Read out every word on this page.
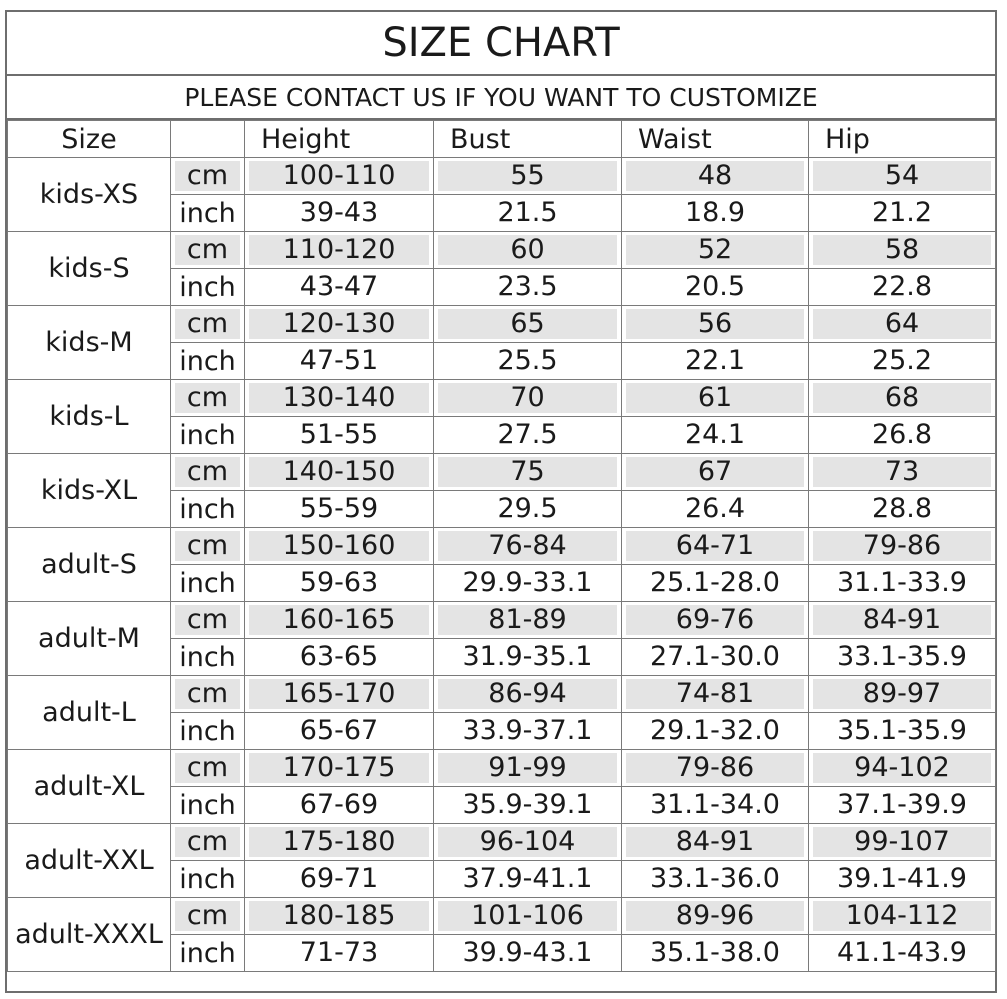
SIZE CHART
PLEASE CONTACT US IF YOU WANT TO CUSTOMIZE
Size		Height	Bust	Waist	Hip
kids-XS	cm	100-110	55	48	54

	inch	39-43	21.5	18.9	21.2

kids-S	cm	110-120	60	52	58

	inch	43-47	23.5	20.5	22.8

kids-M	cm	120-130	65	56	64

	inch	47-51	25.5	22.1	25.2

kids-L	cm	130-140	70	61	68

	inch	51-55	27.5	24.1	26.8

kids-XL	cm	140-150	75	67	73

	inch	55-59	29.5	26.4	28.8

adult-S	cm	150-160	76-84	64-71	79-86

	inch	59-63	29.9-33.1	25.1-28.0	31.1-33.9

adult-M	cm	160-165	81-89	69-76	84-91

	inch	63-65	31.9-35.1	27.1-30.0	33.1-35.9

adult-L	cm	165-170	86-94	74-81	89-97

	inch	65-67	33.9-37.1	29.1-32.0	35.1-35.9

adult-XL	cm	170-175	91-99	79-86	94-102

	inch	67-69	35.9-39.1	31.1-34.0	37.1-39.9

adult-XXL	cm	175-180	96-104	84-91	99-107

	inch	69-71	37.9-41.1	33.1-36.0	39.1-41.9

adult-XXXL	cm	180-185	101-106	89-96	104-112

	inch	71-73	39.9-43.1	35.1-38.0	41.1-43.9
